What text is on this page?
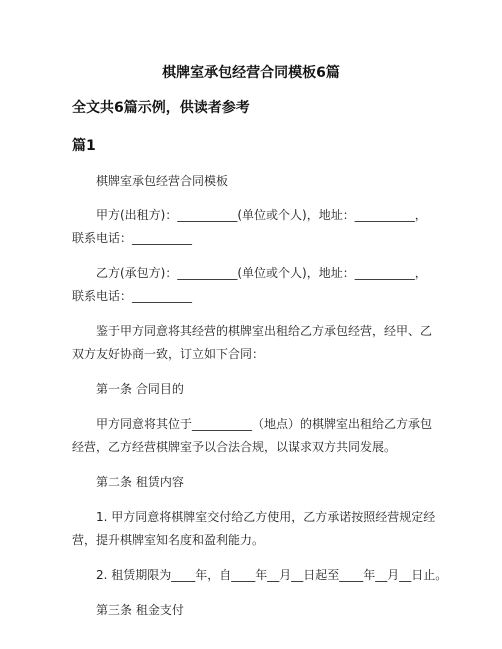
棋牌室承包经营合同模板6篇
全文共6篇示例，供读者参考
篇1
棋牌室承包经营合同模板
甲方(出租方)：__________(单位或个人)，地址：__________，
联系电话：__________
乙方(承包方)：__________(单位或个人)，地址：__________，
联系电话：__________
鉴于甲方同意将其经营的棋牌室出租给乙方承包经营，经甲、乙
双方友好协商一致，订立如下合同：
第一条 合同目的
甲方同意将其位于__________（地点）的棋牌室出租给乙方承包
经营，乙方经营棋牌室予以合法合规，以谋求双方共同发展。
第二条 租赁内容
1. 甲方同意将棋牌室交付给乙方使用，乙方承诺按照经营规定经
营，提升棋牌室知名度和盈利能力。
2. 租赁期限为____年，自____年__月__日起至____年__月__日止。
第三条 租金支付
